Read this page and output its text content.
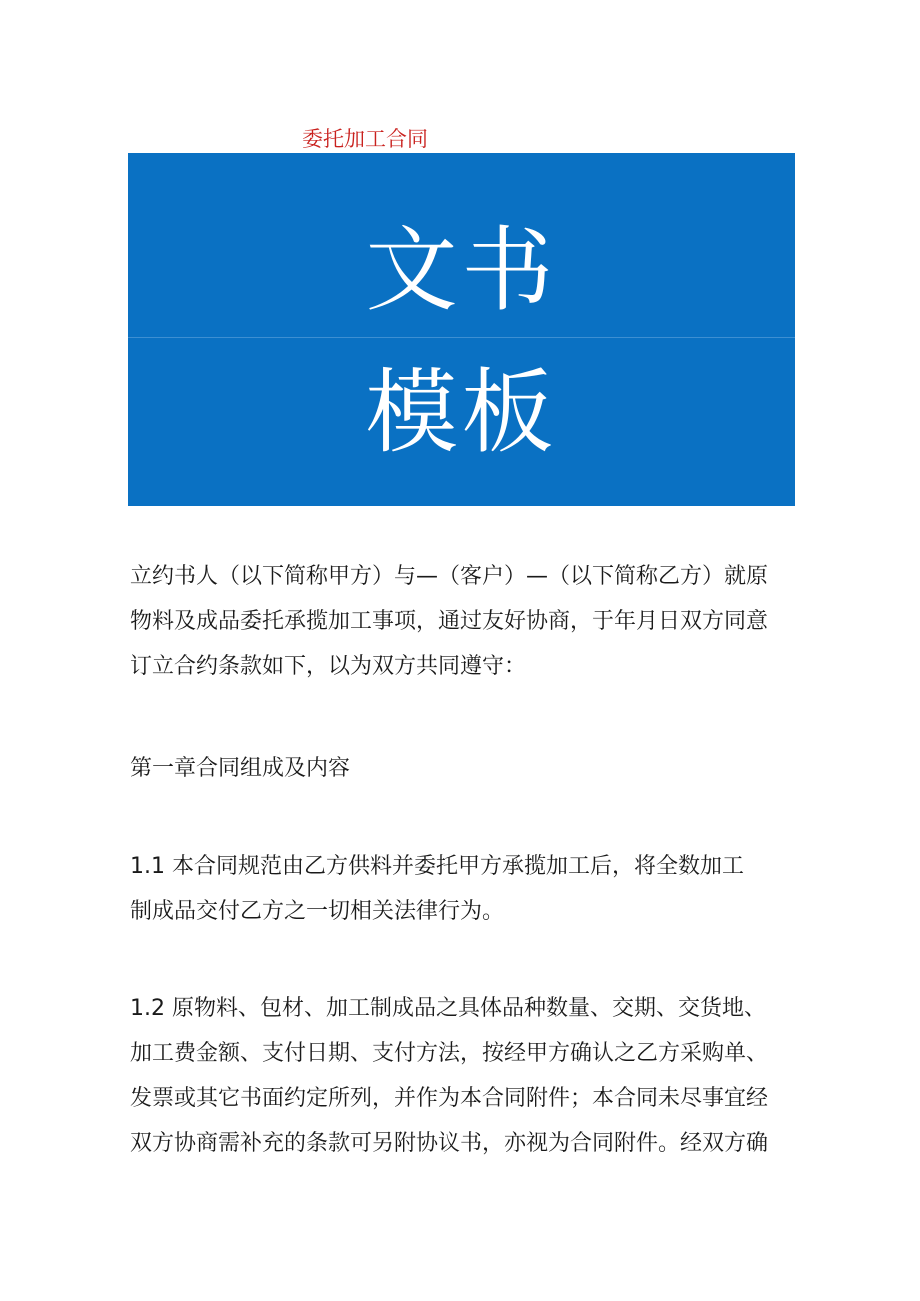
委托加工合同
文书
模板
立约书人（以下简称甲方）与—（客户）—（以下简称乙方）就原
物料及成品委托承揽加工事项，通过友好协商，于年月日双方同意
订立合约条款如下，以为双方共同遵守：
第一章合同组成及内容
1.1 本合同规范由乙方供料并委托甲方承揽加工后，将全数加工
制成品交付乙方之一切相关法律行为。
1.2 原物料、包材、加工制成品之具体品种数量、交期、交货地、
加工费金额、支付日期、支付方法，按经甲方确认之乙方采购单、
发票或其它书面约定所列，并作为本合同附件；本合同未尽事宜经
双方协商需补充的条款可另附协议书，亦视为合同附件。经双方确
